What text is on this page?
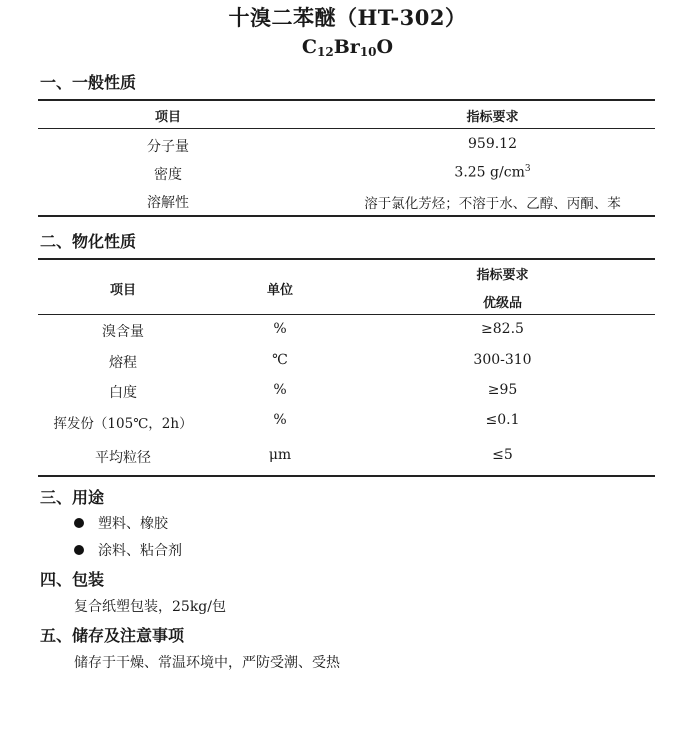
十溴二苯醚（HT-302）
$C_{12}Br_{10}O$
一、一般性质
项目	指标要求
分子量	959.12
密度	3.25 $g/cm^3$
溶解性	溶于氯化芳烃；不溶于水、乙醇、丙酮、苯
二、物化性质
项目	单位
指标要求
优级品
溴含量	%	≥82.5
熔程	℃	300-310
白度	%	≥95
挥发份（105℃，2h）	%	≤0.1
平均粒径	μm	≤5
三、用途
塑料、橡胶
涂料、粘合剂
四、包装
复合纸塑包装，25kg/包
五、储存及注意事项
储存于干燥、常温环境中，严防受潮、受热
